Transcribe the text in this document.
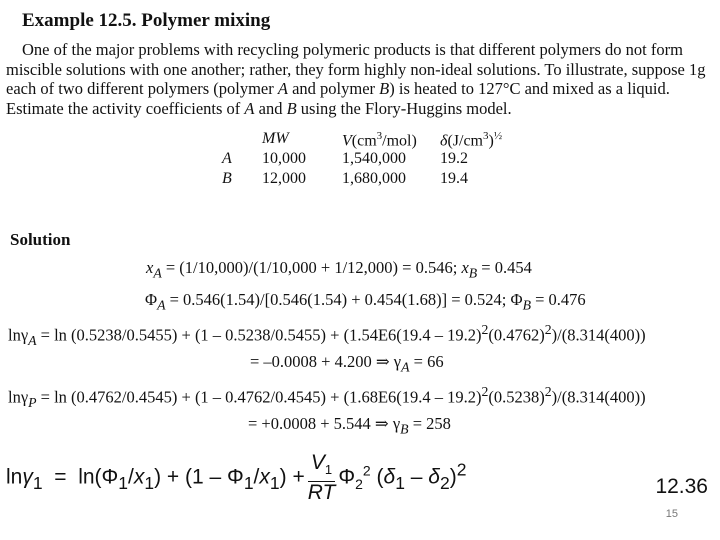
Example 12.5. Polymer mixing
One of the major problems with recycling polymeric products is that different polymers do not form miscible solutions with one another; rather, they form highly non-ideal solutions. To illustrate, suppose 1g each of two different polymers (polymer A and polymer B) is heated to 127°C and mixed as a liquid. Estimate the activity coefficients of A and B using the Flory-Huggins model.
MW	$V(cm^3/mol)$ $\delta(J/cm^3)^{\frac{1}{2}}$
A 10,000 1,540,000 19.2
B 12,000 1,680,000 19.4
Solution
$x_A = (1/10,000)/(1/10,000 + 1/12,000) = 0.546$; $x_B = 0.454$
$\Phi_A = 0.546(1.54)/[0.546(1.54) + 0.454(1.68)] = 0.524$; $\Phi_B = 0.476$
$\ln\gamma_A = \ln (0.5238/0.5455) + (1 - 0.5238/0.5455) + (1.54E6(19.4 - 19.2)^2(0.4762)^2)/(8.314(400))$
= –0.0008 + 4.200 ⇒ $\gamma_A = 66$
$\ln\gamma_P = \ln (0.4762/0.4545) + (1 - 0.4762/0.4545) + (1.68E6(19.4 - 19.2)^2(0.5238)^2)/(8.314(400))$
= +0.0008 + 5.544 ⇒ $\gamma_B = 258$
$\ln\gamma_1 = \ln(\Phi_1/x_1) + (1 - \Phi_1/x_1) + \frac{V_1}{RT} \Phi_2^2$ $(\delta_1 - \delta_2)^2$
12.36
15
